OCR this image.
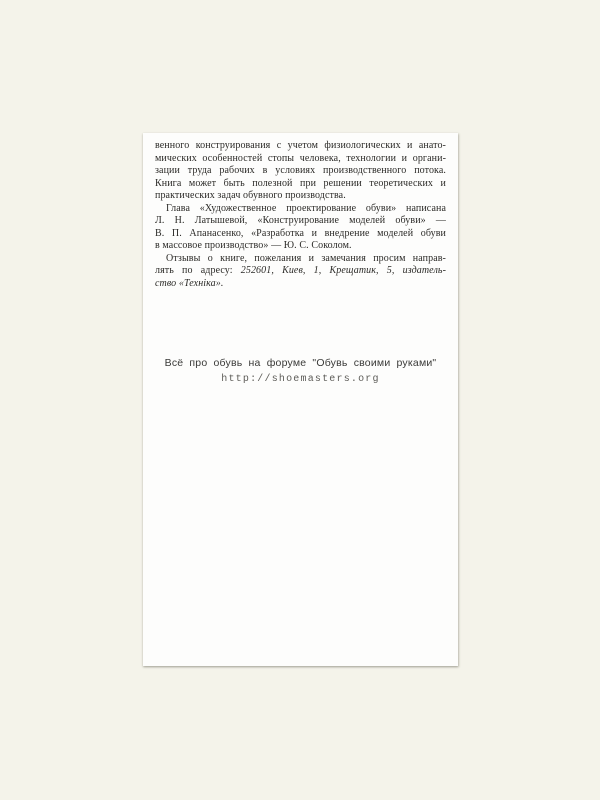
венного конструирования с учетом физиологических и анато-
мических особенностей стопы человека, технологии и органи-
зации труда рабочих в условиях производственного потока.
Книга может быть полезной при решении теоретических и
практических задач обувного производства.

Глава «Художественное проектирование обуви» написана
Л. Н. Латышевой, «Конструирование моделей обуви» —
В. П. Апанасенко, «Разработка и внедрение моделей обуви
в массовое производство» — Ю. С. Соколом.

Отзывы о книге, пожелания и замечания просим направ-
лять по адресу: 252601, Киев, 1, Крещатик, 5, издатель-
ство «Техніка».

Всё про обувь на форуме "Обувь своими руками"
http://shoemasters.org
